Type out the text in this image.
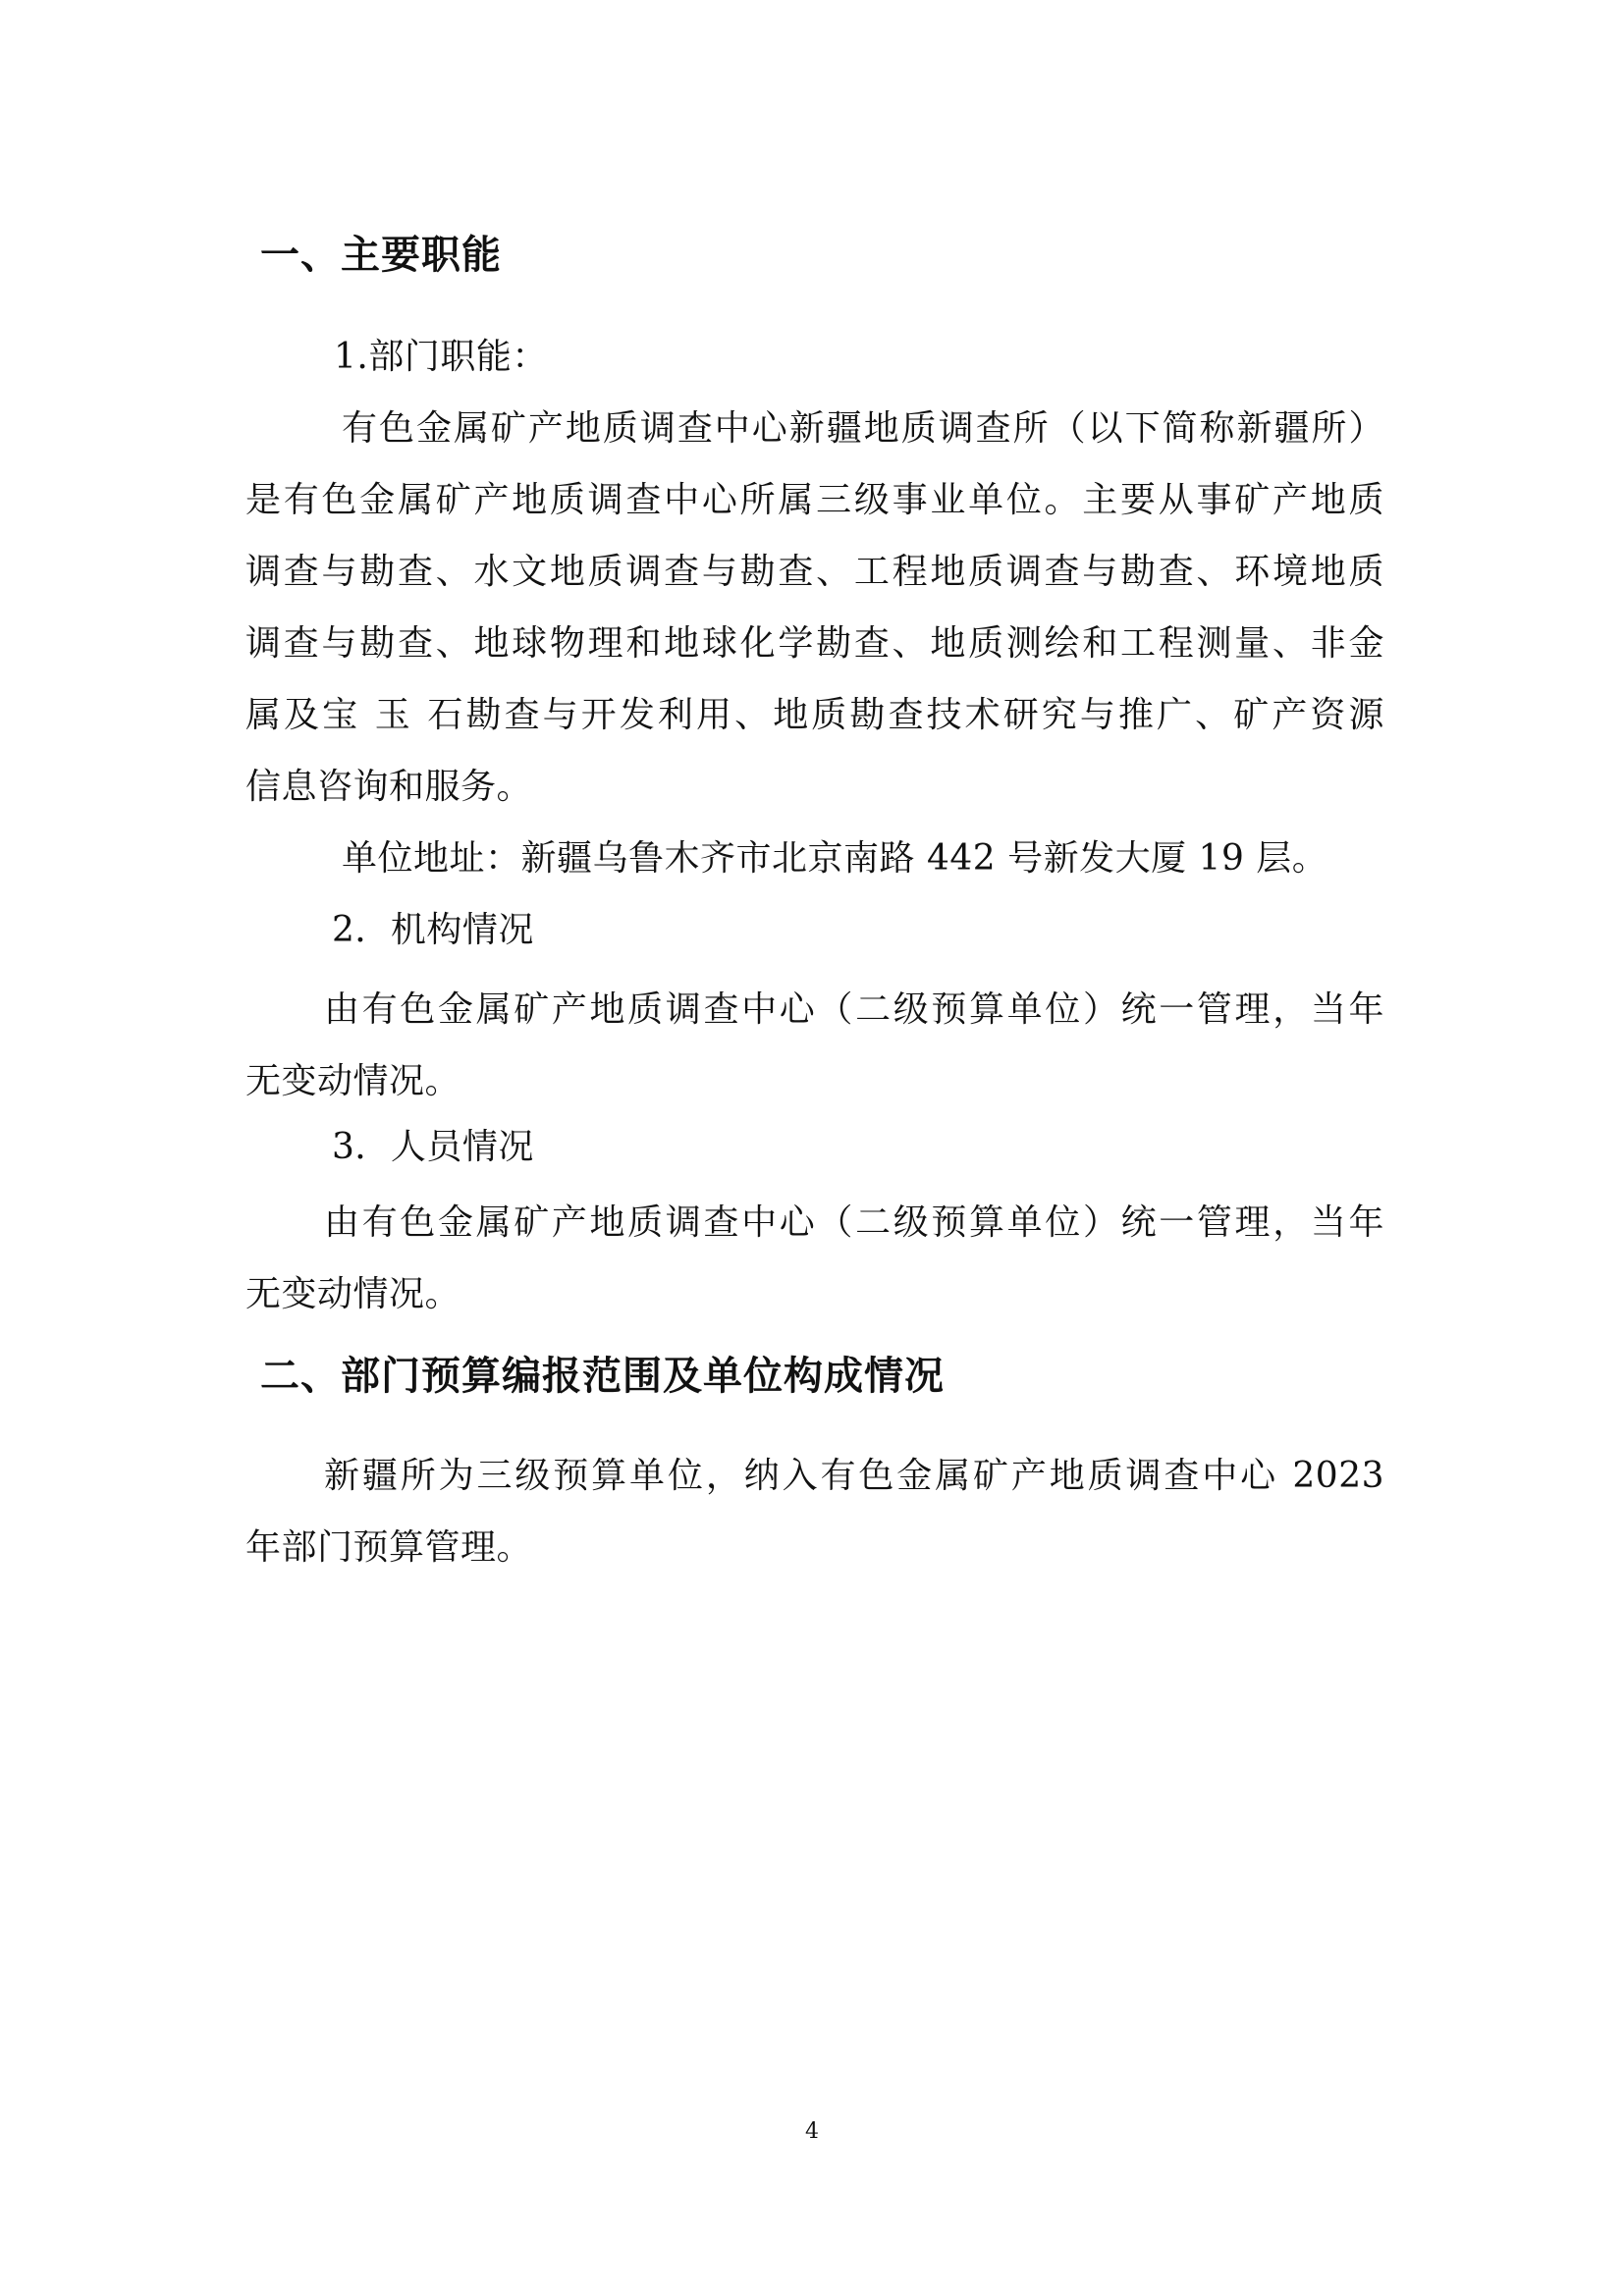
一、主要职能
1.部门职能：
有色金属矿产地质调查中心新疆地质调查所（以下简称新疆所）
是有色金属矿产地质调查中心所属三级事业单位。主要从事矿产地质
调查与勘查、水文地质调查与勘查、工程地质调查与勘查、环境地质
调查与勘查、地球物理和地球化学勘查、地质测绘和工程测量、非金
属及宝 玉 石勘查与开发利用、地质勘查技术研究与推广、矿产资源
信息咨询和服务。
单位地址：新疆乌鲁木齐市北京南路 442 号新发大厦 19 层。
2．机构情况
由有色金属矿产地质调查中心（二级预算单位）统一管理，当年
无变动情况。
3．人员情况
由有色金属矿产地质调查中心（二级预算单位）统一管理，当年
无变动情况。
二、部门预算编报范围及单位构成情况
新疆所为三级预算单位，纳入有色金属矿产地质调查中心 2023
年部门预算管理。
4
